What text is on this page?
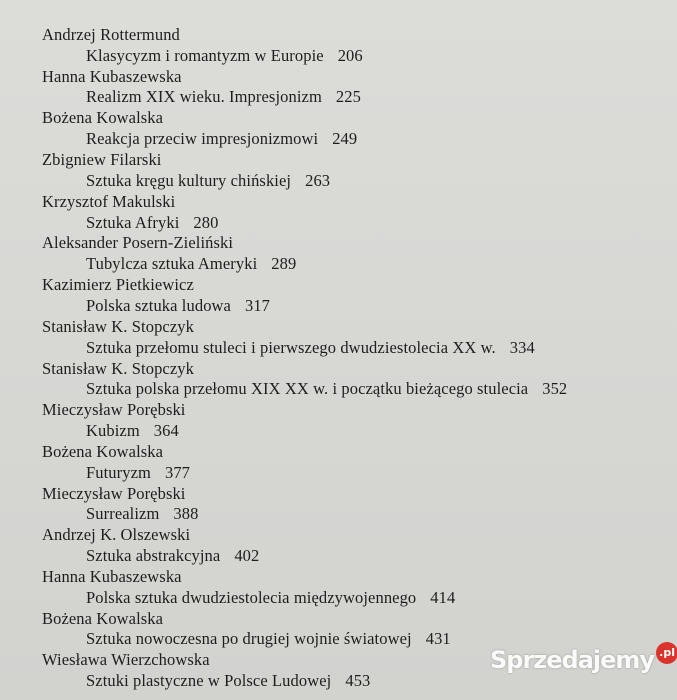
Andrzej Rottermund
Klasycyzm i romantyzm w Europie 206
Hanna Kubaszewska
Realizm XIX wieku. Impresjonizm 225
Bożena Kowalska
Reakcja przeciw impresjonizmowi 249
Zbigniew Filarski
Sztuka kręgu kultury chińskiej 263
Krzysztof Makulski
Sztuka Afryki 280
Aleksander Posern-Zieliński
Tubylcza sztuka Ameryki 289
Kazimierz Pietkiewicz
Polska sztuka ludowa 317
Stanisław K. Stopczyk
Sztuka przełomu stuleci i pierwszego dwudziestolecia XX w. 334
Stanisław K. Stopczyk
Sztuka polska przełomu XIX XX w. i początku bieżącego stulecia 352
Mieczysław Porębski
Kubizm 364
Bożena Kowalska
Futuryzm 377
Mieczysław Porębski
Surrealizm 388
Andrzej K. Olszewski
Sztuka abstrakcyjna 402
Hanna Kubaszewska
Polska sztuka dwudziestolecia międzywojennego 414
Bożena Kowalska
Sztuka nowoczesna po drugiej wojnie światowej 431
Wiesława Wierzchowska
Sztuki plastyczne w Polsce Ludowej 453
Sprzedajemy .pl
